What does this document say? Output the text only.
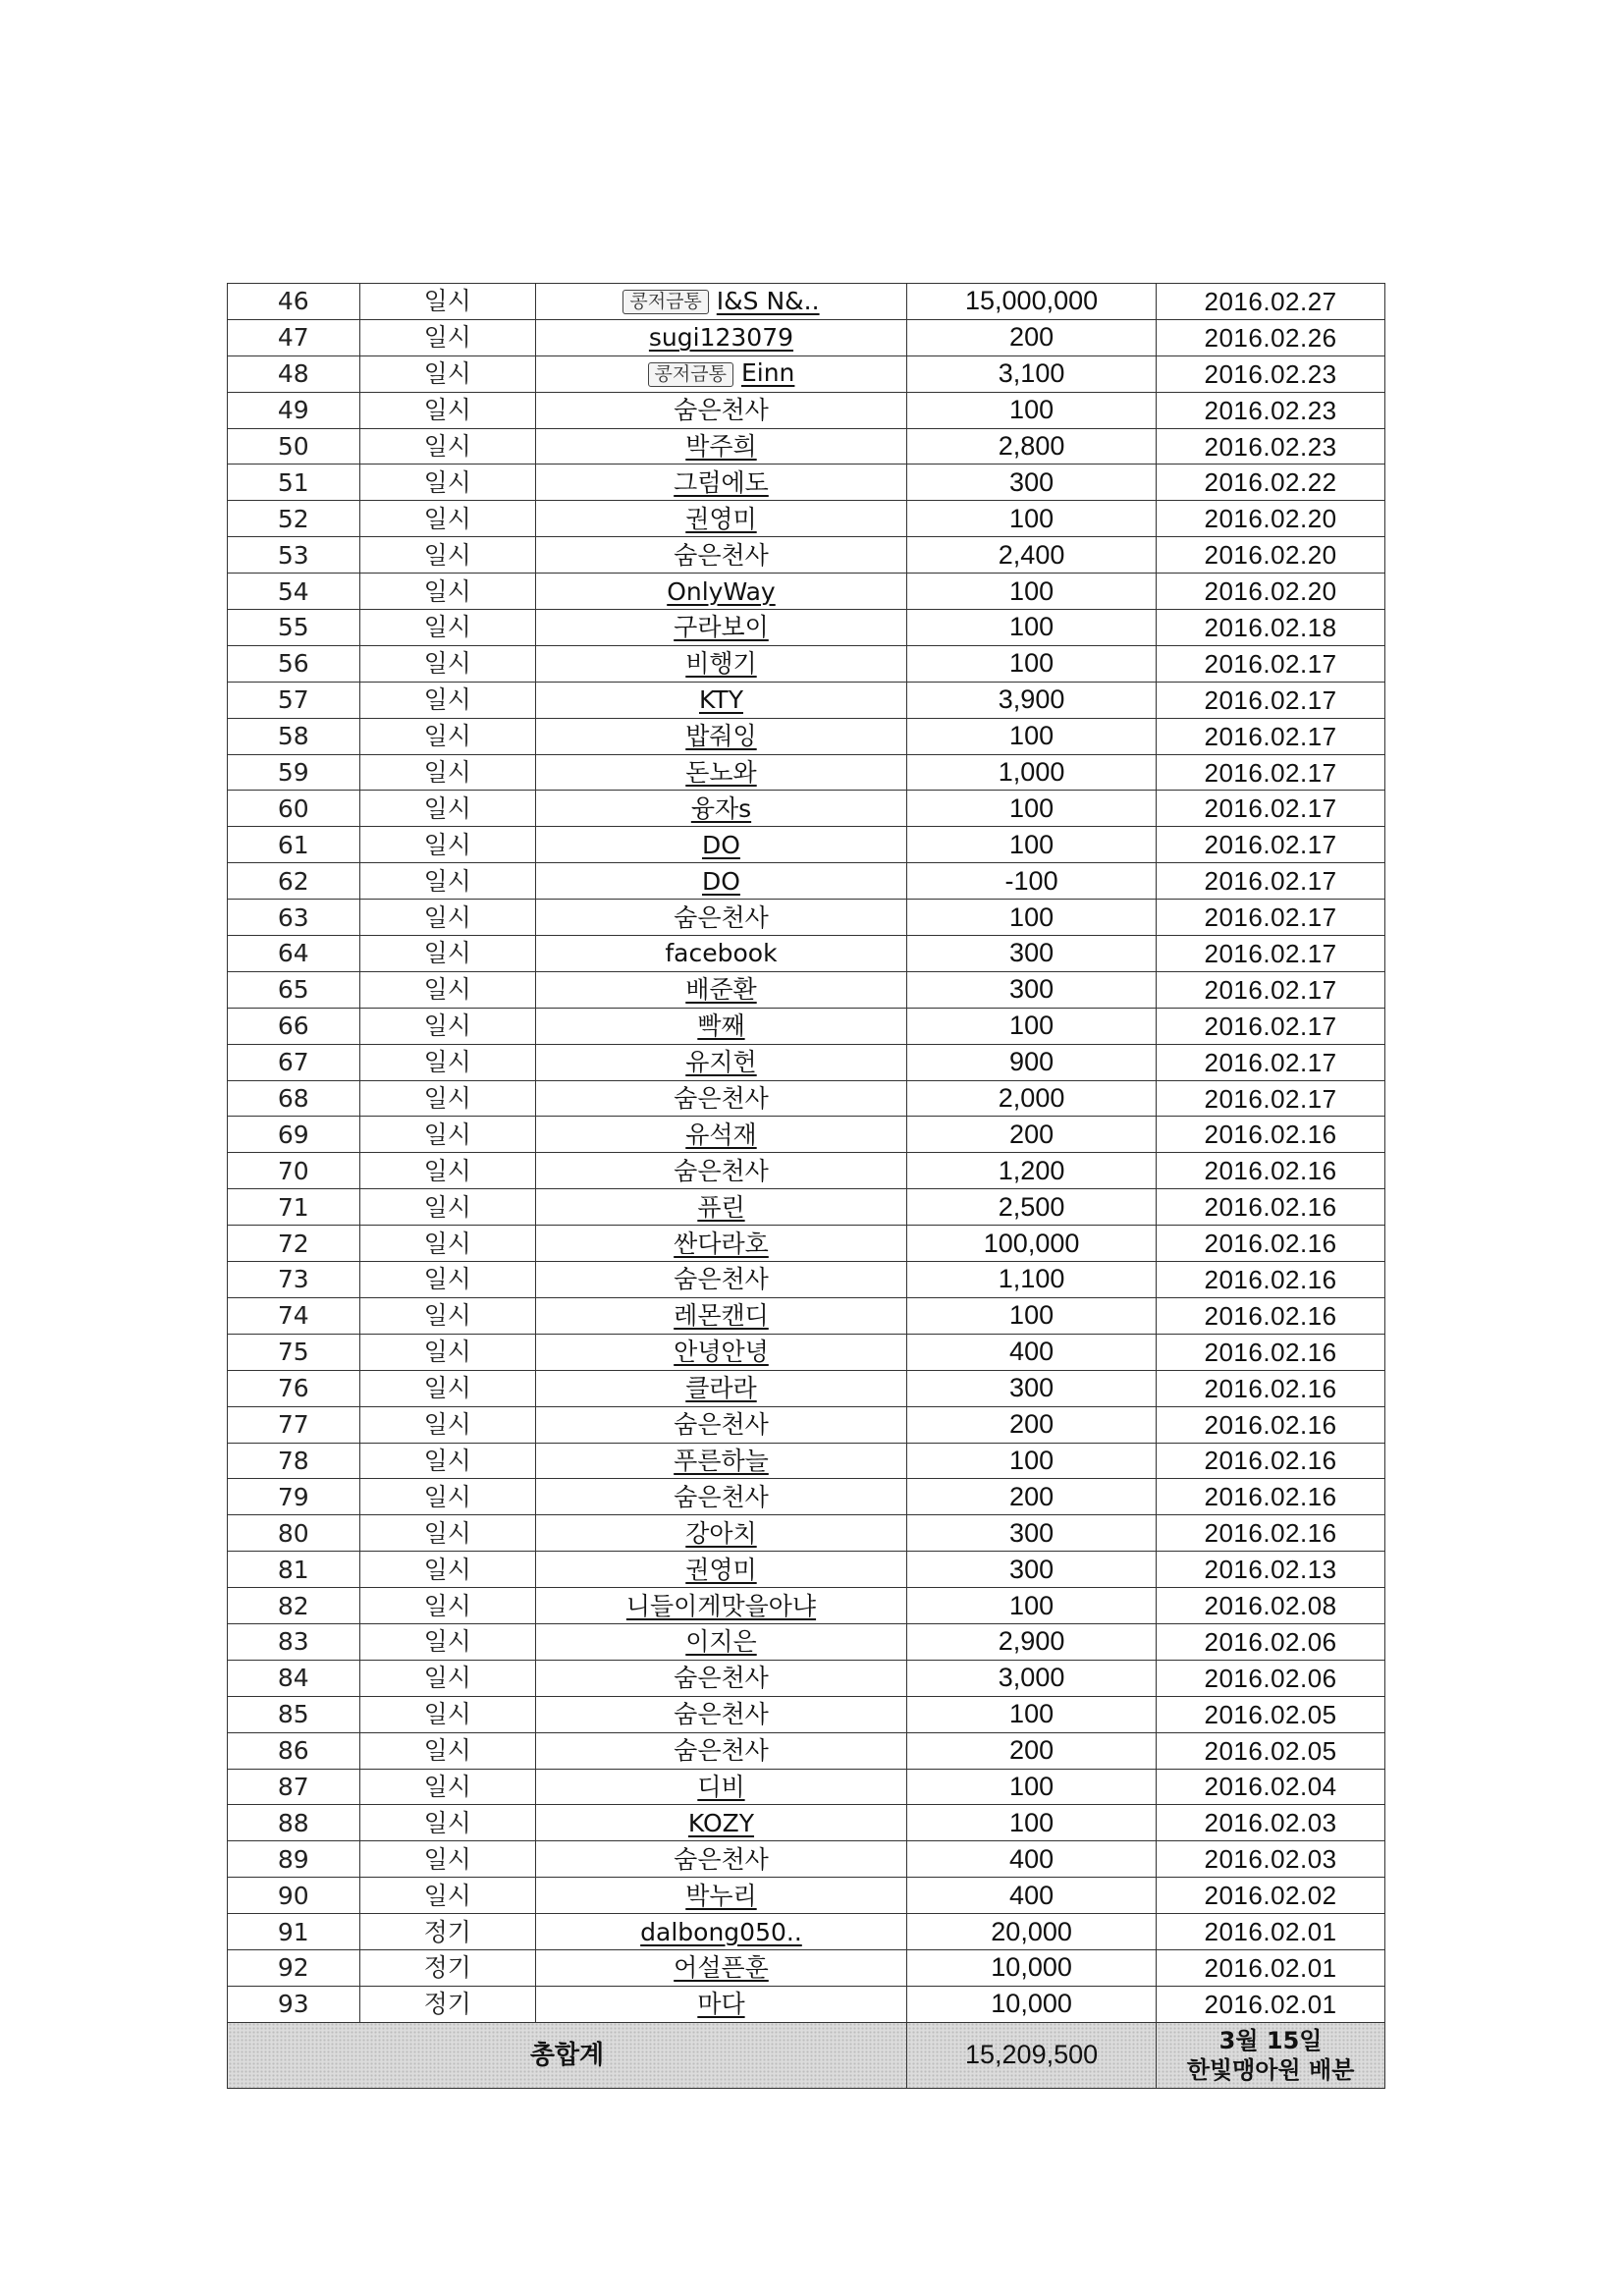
46	일시	콩저금통 I&S N&..	15,000,000	2016.02.27
47	일시	sugi123079	200	2016.02.26
48	일시	콩저금통 Einn	3,100	2016.02.23
49	일시	숨은천사	100	2016.02.23
50	일시	박주희	2,800	2016.02.23
51	일시	그럼에도	300	2016.02.22
52	일시	권영미	100	2016.02.20
53	일시	숨은천사	2,400	2016.02.20
54	일시	OnlyWay	100	2016.02.20
55	일시	구라보이	100	2016.02.18
56	일시	비행기	100	2016.02.17
57	일시	KTY	3,900	2016.02.17
58	일시	밥줘잉	100	2016.02.17
59	일시	돈노와	1,000	2016.02.17
60	일시	융자s	100	2016.02.17
61	일시	DO	100	2016.02.17
62	일시	DO	-100	2016.02.17
63	일시	숨은천사	100	2016.02.17
64	일시	facebook	300	2016.02.17
65	일시	배준환	300	2016.02.17
66	일시	빡째	100	2016.02.17
67	일시	유지헌	900	2016.02.17
68	일시	숨은천사	2,000	2016.02.17
69	일시	유석재	200	2016.02.16
70	일시	숨은천사	1,200	2016.02.16
71	일시	퓨린	2,500	2016.02.16
72	일시	싼다라호	100,000	2016.02.16
73	일시	숨은천사	1,100	2016.02.16
74	일시	레몬캔디	100	2016.02.16
75	일시	안녕안녕	400	2016.02.16
76	일시	클라라	300	2016.02.16
77	일시	숨은천사	200	2016.02.16
78	일시	푸른하늘	100	2016.02.16
79	일시	숨은천사	200	2016.02.16
80	일시	강아치	300	2016.02.16
81	일시	권영미	300	2016.02.13
82	일시	니들이게맛을아냐	100	2016.02.08
83	일시	이지은	2,900	2016.02.06
84	일시	숨은천사	3,000	2016.02.06
85	일시	숨은천사	100	2016.02.05
86	일시	숨은천사	200	2016.02.05
87	일시	디비	100	2016.02.04
88	일시	KOZY	100	2016.02.03
89	일시	숨은천사	400	2016.02.03
90	일시	박누리	400	2016.02.02
91	정기	dalbong050..	20,000	2016.02.01
92	정기	어설픈훈	10,000	2016.02.01
93	정기	마다	10,000	2016.02.01
총합계			15,209,500	3월 15일
한빛맹아원 배분
